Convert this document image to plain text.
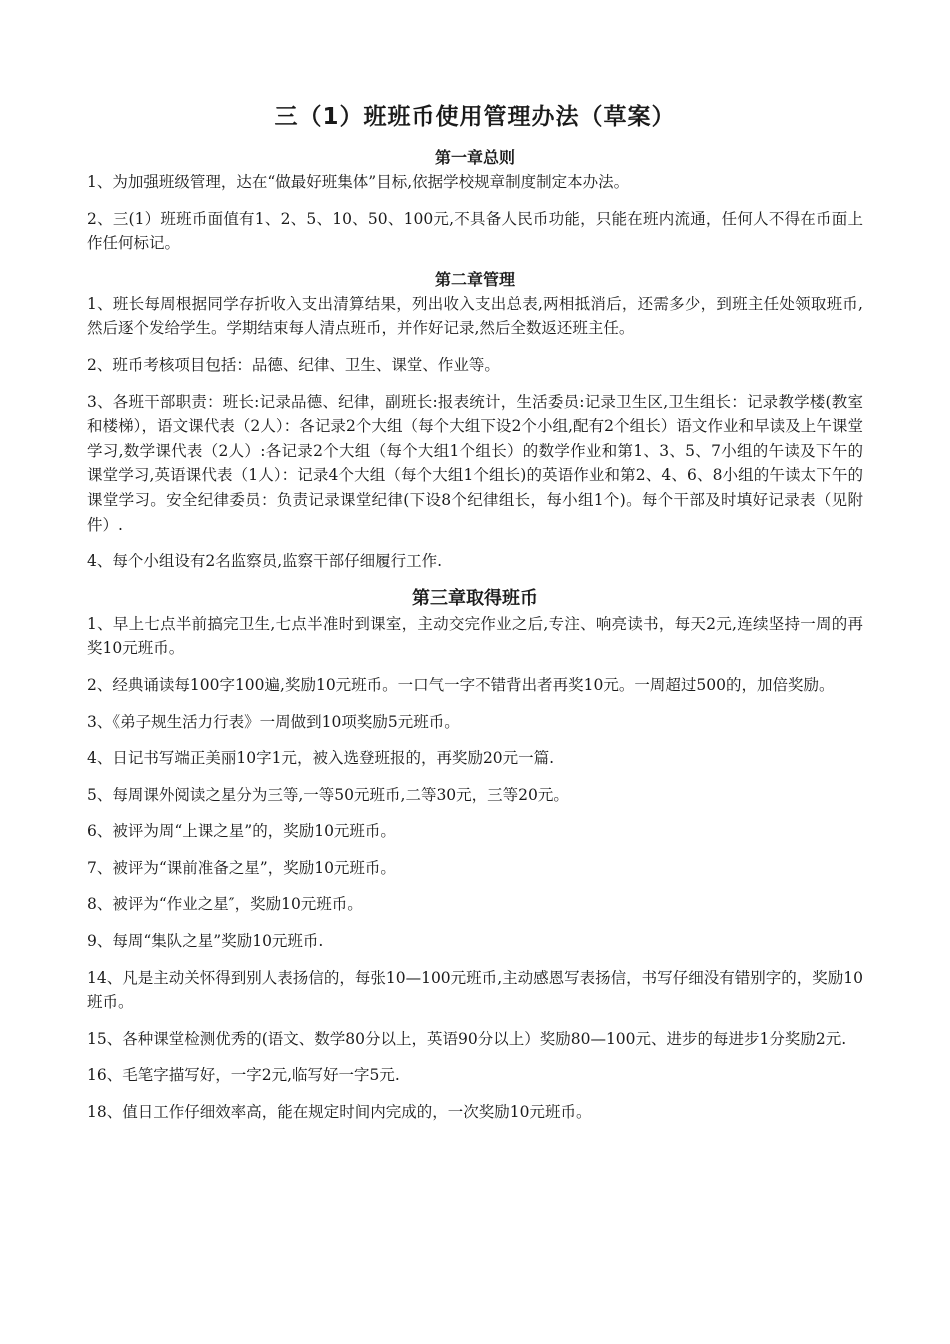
三（1）班班币使用管理办法（草案）
第一章总则

1、为加强班级管理，达在“做最好班集体”目标,依据学校规章制度制定本办法。

2、三(1）班班币面值有1、2、5、10、50、100元,不具备人民币功能，只能在班内流通，任何人不得在币面上作任何标记。

第二章管理

1、班长每周根据同学存折收入支出清算结果，列出收入支出总表,两相抵消后，还需多少，到班主任处领取班币,然后逐个发给学生。学期结束每人清点班币，并作好记录,然后全数返还班主任。

2、班币考核项目包括：品德、纪律、卫生、课堂、作业等。

3、各班干部职责：班长:记录品德、纪律，副班长:报表统计，生活委员:记录卫生区,卫生组长：记录教学楼(教室和楼梯），语文课代表（2人）：各记录2个大组（每个大组下设2个小组,配有2个组长）语文作业和早读及上午课堂学习,数学课代表（2人）:各记录2个大组（每个大组1个组长）的数学作业和第1、3、5、7小组的午读及下午的课堂学习,英语课代表（1人）：记录4个大组（每个大组1个组长)的英语作业和第2、4、6、8小组的午读太下午的课堂学习。安全纪律委员：负责记录课堂纪律(下设8个纪律组长，每小组1个)。每个干部及时填好记录表（见附件）.

4、每个小组设有2名监察员,监察干部仔细履行工作.

第三章取得班币

1、早上七点半前搞完卫生,七点半准时到课室，主动交完作业之后,专注、响亮读书，每天2元,连续坚持一周的再奖10元班币。

2、经典诵读每100字100遍,奖励10元班币。一口气一字不错背出者再奖10元。一周超过500的，加倍奖励。

3、《弟子规生活力行表》一周做到10项奖励5元班币。

4、日记书写端正美丽10字1元，被入选登班报的，再奖励20元一篇.

5、每周课外阅读之星分为三等,一等50元班币,二等30元，三等20元。

6、被评为周“上课之星”的，奖励10元班币。

7、被评为“课前准备之星”，奖励10元班币。

8、被评为“作业之星″，奖励10元班币。

9、每周“集队之星”奖励10元班币.

14、凡是主动关怀得到别人表扬信的，每张10—100元班币,主动感恩写表扬信，书写仔细没有错别字的，奖励10班币。

15、各种课堂检测优秀的(语文、数学80分以上，英语90分以上）奖励80—100元、进步的每进步1分奖励2元.

16、毛笔字描写好，一字2元,临写好一字5元.

18、值日工作仔细效率高，能在规定时间内完成的，一次奖励10元班币。
